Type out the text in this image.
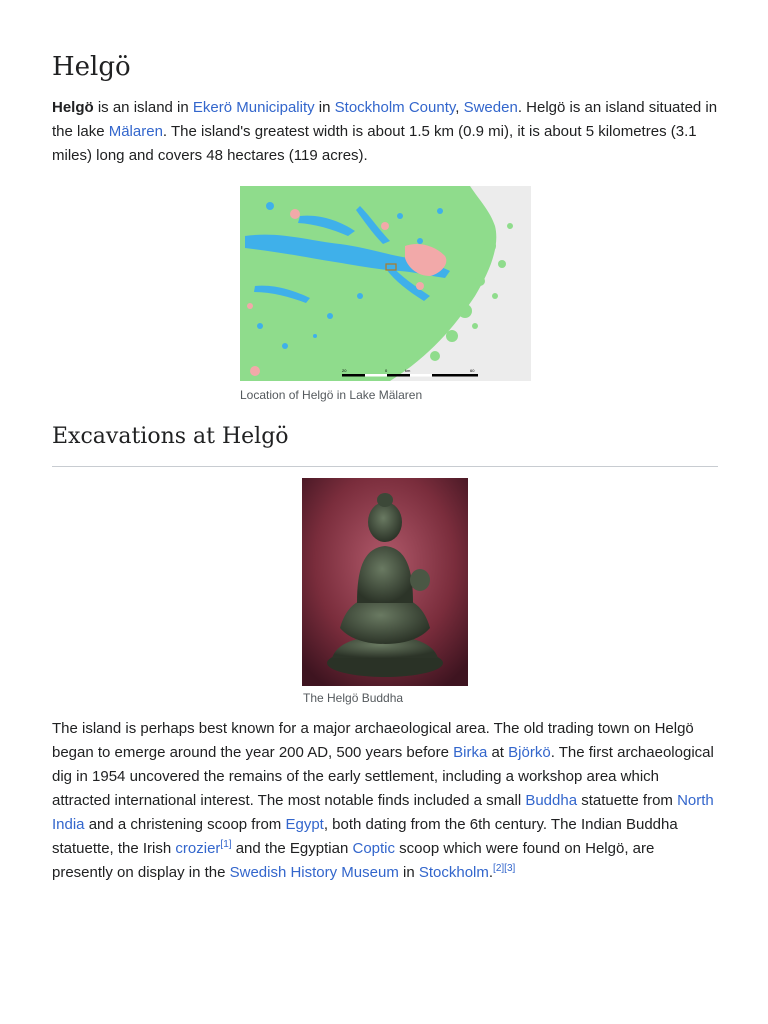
Helgö

Helgö is an island in Ekerö Municipality in Stockholm County, Sweden. Helgö is an island situated in the lake Mälaren. The island's greatest width is about 1.5 km (0.9 mi), it is about 5 kilometres (3.1 miles) long and covers 48 hectares (119 acres).

20	0	km	60
Location of Helgö in Lake Mälaren
Excavations at Helgö
The Helgö Buddha

The island is perhaps best known for a major archaeological area. The old trading town on Helgö began to emerge around the year 200 AD, 500 years before Birka at Björkö. The first archaeological dig in 1954 uncovered the remains of the early settlement, including a workshop area which attracted international interest. The most notable finds included a small Buddha statuette from North India and a christening scoop from Egypt, both dating from the 6th century. The Indian Buddha statuette, the Irish crozier[1] and the Egyptian Coptic scoop which were found on Helgö, are presently on display in the Swedish History Museum in Stockholm.[2][3]
